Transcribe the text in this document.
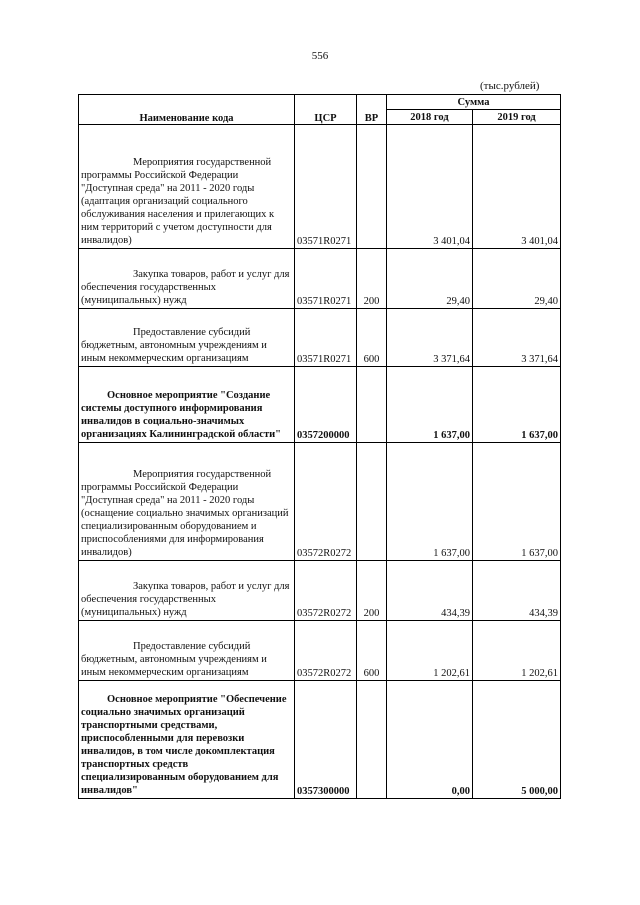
556
(тыс.рублей)
Наименование кода	ЦСР	ВР	Сумма	
			2018 год	2019 год
Мероприятия государственной программы Российской Федерации "Доступная среда" на 2011 - 2020 годы (адаптация организаций социального обслуживания населения и прилегающих к ним территорий с учетом доступности для инвалидов)	03571R0271		3 401,04	3 401,04
Закупка товаров, работ и услуг для обеспечения государственных (муниципальных) нужд	03571R0271	200	29,40	29,40
Предоставление субсидий бюджетным, автономным учреждениям и иным некоммерческим организациям	03571R0271	600	3 371,64	3 371,64
Основное мероприятие "Создание системы доступного информирования инвалидов в социально-значимых организациях Калининградской области"	0357200000		1 637,00	1 637,00
Мероприятия государственной программы Российской Федерации "Доступная среда" на 2011 - 2020 годы (оснащение социально значимых организаций специализированным оборудованием и приспособлениями для информирования инвалидов)	03572R0272		1 637,00	1 637,00
Закупка товаров, работ и услуг для обеспечения государственных (муниципальных) нужд	03572R0272	200	434,39	434,39
Предоставление субсидий бюджетным, автономным учреждениям и иным некоммерческим организациям	03572R0272	600	1 202,61	1 202,61
Основное мероприятие "Обеспечение социально значимых организаций транспортными средствами, приспособленными для перевозки инвалидов, в том числе докомплектация транспортных средств специализированным оборудованием для инвалидов"	0357300000		0,00	5 000,00
